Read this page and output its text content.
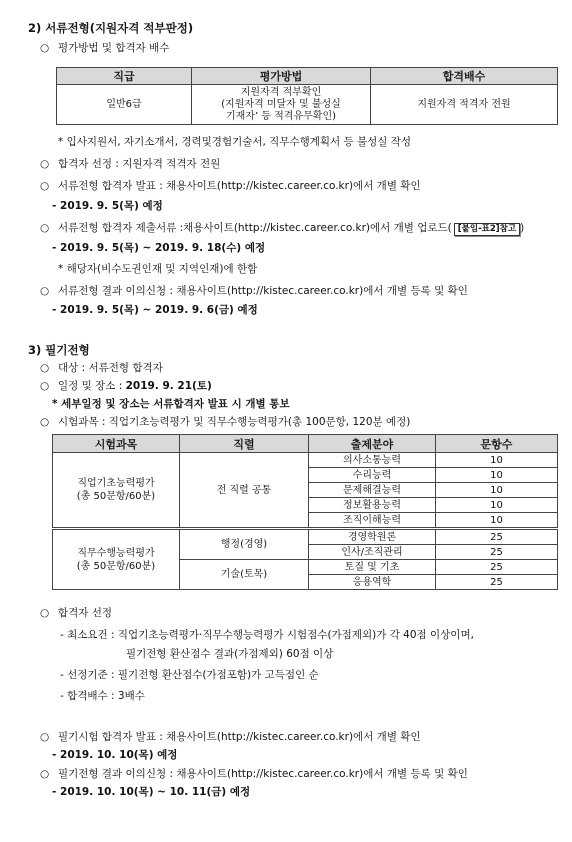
2) 서류전형(지원자격 적부판정)
○ 평가방법 및 합격자 배수
직급	평가방법	합격배수
일반6급	지원자격 적부확인
(지원자격 미달자 및 불성실
기재자’ 등 적격유무확인)	지원자격 적격자 전원
* 입사지원서, 자기소개서, 경력및경험기술서, 직무수행계획서 등 불성실 작성
○ 합격자 선정 : 지원자격 적격자 전원
○ 서류전형 합격자 발표 : 채용사이트(http://kistec.career.co.kr)에서 개별 확인
- 2019. 9. 5(목) 예정
○ 서류전형 합격자 제출서류 :채용사이트(http://kistec.career.co.kr)에서 개별 업로드( [붙임-표2]참고 )
- 2019. 9. 5(목) ~ 2019. 9. 18(수) 예정
* 해당자(비수도권인재 및 지역인재)에 한함
○ 서류전형 결과 이의신청 : 채용사이트(http://kistec.career.co.kr)에서 개별 등록 및 확인
- 2019. 9. 5(목) ~ 2019. 9. 6(금) 예정
3) 필기전형
○ 대상 : 서류전형 합격자
○ 일정 및 장소 : 2019. 9. 21(토)
* 세부일정 및 장소는 서류합격자 발표 시 개별 통보
○ 시험과목 : 직업기초능력평가 및 직무수행능력평가(총 100문항, 120분 예정)
시험과목	직렬	출제분야	문항수

직업기초능력평가
(총 50문항/60분)	전 직렬 공통	의사소통능력	10
		수리능력	10
		문제해결능력	10
		정보활용능력	10
		조직이해능력	10

직무수행능력평가
(총 50문항/60분)	행정(경영)	경영학원론	25
		인사/조직관리	25
	기술(토목)	토질 및 기초	25
		응용역학	25
○ 합격자 선정
- 최소요건 : 직업기초능력평가·직무수행능력평가 시험점수(가점제외)가 각 40점 이상이며,
필기전형 환산점수 결과(가점제외) 60점 이상
- 선정기준 : 필기전형 환산점수(가점포함)가 고득점인 순
- 합격배수 : 3배수
○ 필기시험 합격자 발표 : 채용사이트(http://kistec.career.co.kr)에서 개별 확인
- 2019. 10. 10(목) 예정
○ 필기전형 결과 이의신청 : 채용사이트(http://kistec.career.co.kr)에서 개별 등록 및 확인
- 2019. 10. 10(목) ~ 10. 11(금) 예정
